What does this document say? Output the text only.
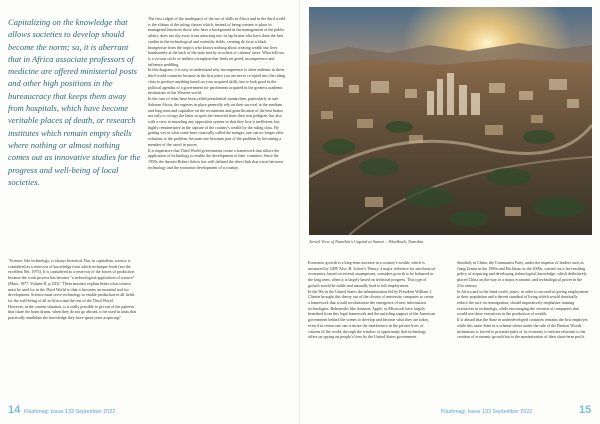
Capitalizing on the knowledge that allows societies to develop should become the norm; so, it is aberrant that in Africa associate professors of medicine are offered ministerial posts and other high positions in the bureaucracy that keeps them away from hospitals, which have become veritable places of death, or research institutes which remain empty shells where nothing or almost nothing comes out as innovative studies for the progress and well-being of local societies.

"Science, like technology, is always historical. But, in capitalism, science is considered as a reservoir of knowledge from which technique feeds (see the excellent Net, 1973). It is considered as a reservoir of the forces of production because the work process has become "a technological application of science" (Marx, 1977, Volume II, p.230)". These maxims explain better what science must be used for in the Third World so that it becomes an essential tool for development. Science must serve technology to enable production in all fields for the well-being of all in Africa and the rest of the Third World.

However, in the current situation, is it really possible to get out of the patterns that cause the brain drains, when they do not go abroad, to be used in tasks that practically annihilate the knowledge they have spent years acquiring?

The first culprit of the inadequacy of the use of skills in Africa and in the third world is the elitism of the ruling classes which, instead of being content to place in managerial functions those who have a background in the management of the public affairs, does not shy away from attracting into its lap brains who have done the best studies in the technological and scientific fields, creating de facto a black bourgeoisie from the tropics who knows nothing about creating wealth but lives handsomely at the back of the state and by ricochets of citizens' taxes. What follows is a vicious circle of endless corruption that feeds on greed, incompetence and influence peddling.

In this diagram, it is easy to understand why incompetence is often endemic in these third world countries because in the first place you are never co-opted into the ruling class to produce anything based on your acquired skills, but to look good in the political agendas of a government for parchments acquired in the greatest academic institutions of the Western world.

In the case of what have been called presidential monarchies, particularly in sub-Saharan Africa, the regimes in place generally rely on their survival in the medium and long term and capitalize on the recruitment and gentrification of the best brains not only to occupy the latter in spots far removed from their true pedigree, but also with a view to muzzling any opposition system so that they lose it inefficient, but highly remunerative in the capture of the country's wealth by the ruling class. By getting wet in what some have comically called the manger, one can no longer offer solutions to the problem, because one becomes part of the problem by becoming a member of the cartel in power.

It is imperative that Third World governments create a framework that allows the application of technology to enable the development of their countries. Since the 1950s the theorist Robert Solow has well defined the direct link that exists between technology and the economic development of a country.

14 Flashmag: Issue 133 September 2022

Aerial View of Namibia's Capital at Sunset – Windhoek, Namibia

Economic growth is a long-term increase in a country's wealth, which is measured by GDP. Also, R. Solow's Theory, a major reference for neoclassical economics, based on several assumptions, considers growth to be balanced in the long term, when it is largely based on technical progress. This type of growth would be stable and naturally lead to full employment.

In the 90s in the United States the administration led by President William J. Clinton brought this theory out of the closets of university campuses to create a framework that would revolutionize the emergence of new information technologies. Behemoths like Amazon, Apple, or Microsoft have largely benefited from this legal framework and the unfailing support of the American government behind the scenes to develop and become what they are today, even if in return one can criticize the interference in the private lives of citizens of the world, through the window of opportunity that technology offers on spying on people's lives by the United States government.

Similarly in China, the Communist Party, under the impetus of leaders such as Jiang Zemin in the 1990s and Hu Jintao in the 2000s, carried out a far-reaching policy of acquiring and developing technological knowledge, which definitively placed China on the way to a major economic and technological power in the 21st century.

In Africa and in the third world, states, in order to succeed in giving employment to their population and a decent standard of living which would drastically reduce the race for immigration, should imperatively emphasize training executives in technology, while encouraging the creation of companies that would use these executives in the production of wealth.

It is absurd that the State in underdeveloped countries remains the first employer, while this same State in a scheme where under the rule of the Bretton Woods institutions is forced to privatize parts of its economy to entities reluctant to the creation of economic growth but to the maximization of their short-term profit.

Flashmag: Issue 133 September 2022	15
